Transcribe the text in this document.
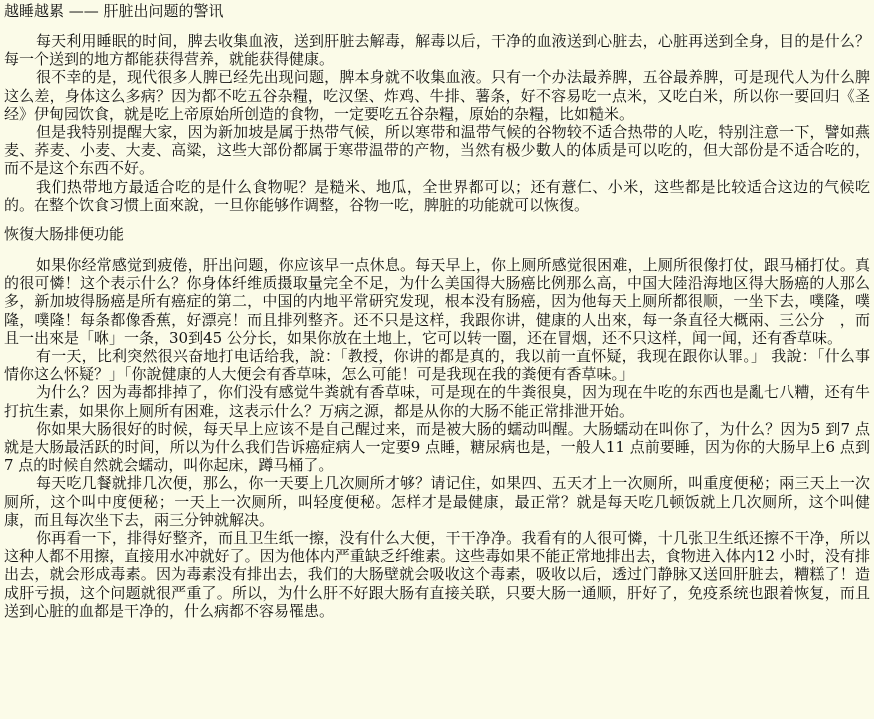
越睡越累 —— 肝脏出问题的警讯

每天利用睡眠的时间，脾去收集血液，送到肝脏去解毒，解毒以后，干净的血液送到心脏去，心脏再送到全身，目的是什么？每一个送到的地方都能获得营养，就能获得健康。

很不幸的是，现代很多人脾已经先出现问题，脾本身就不收集血液。只有一个办法最养脾，五谷最养脾，可是现代人为什么脾这么差，身体这么多病？因为都不吃五谷杂糧，吃汉堡、炸鸡、牛排、薯条，好不容易吃一点米，又吃白米，所以你一要回归《圣经》伊甸园饮食，就是吃上帝原始所创造的食物，一定要吃五谷杂糧，原始的杂糧，比如糙米。

但是我特别提醒大家，因为新加坡是属于热带气候，所以寒带和温带气候的谷物较不适合热带的人吃，特别注意一下，譬如燕麦、荞麦、小麦、大麦、高粱，这些大部份都属于寒带温带的产物，当然有极少數人的体质是可以吃的，但大部份是不适合吃的，而不是这个东西不好。

我们热带地方最适合吃的是什么食物呢？是糙米、地瓜，全世界都可以；还有薏仁、小米，这些都是比较适合这边的气候吃的。在整个饮食习惯上面來說，一旦你能够作调整，谷物一吃，脾脏的功能就可以恢復。

恢復大肠排便功能

如果你经常感觉到疲倦，肝出问题，你应该早一点休息。每天早上，你上厕所感觉很困难，上厕所很像打仗，跟马桶打仗。真的很可憐！这个表示什么？你身体纤维质摄取量完全不足，为什么美国得大肠癌比例那么高，中国大陸沿海地区得大肠癌的人那么多，新加坡得肠癌是所有癌症的第二，中国的内地平常研究发现，根本没有肠癌，因为他每天上厕所都很顺，一坐下去，噗隆，噗隆，噗隆！每条都像香蕉，好漂亮！而且排列整齐。还不只是这样，我跟你讲，健康的人出來，每一条直径大概兩、三公分　，而且一出來是「咻」一条，30到45 公分长，如果你放在土地上，它可以转一圈，还在冒烟，还不只这样，闻一闻，还有香草味。

有一天，比利突然很兴奋地打电话给我，說：「教授，你讲的都是真的，我以前一直怀疑，我现在跟你认罪。」 我說：「什么事情你这么怀疑？」「你說健康的人大便会有香草味，怎么可能！可是我现在我的粪便有香草味。」

为什么？因为毒都排掉了，你们没有感觉牛粪就有香草味，可是现在的牛粪很臭，因为现在牛吃的东西也是亂七八糟，还有牛打抗生素，如果你上厕所有困难，这表示什么？万病之源，都是从你的大肠不能正常排泄开始。

你如果大肠很好的时候，每天早上应该不是自己醒过来，而是被大肠的蠕动叫醒。大肠蠕动在叫你了，为什么？因为5 到7 点就是大肠最活跃的时间，所以为什么我们告诉癌症病人一定要9 点睡，糖尿病也是，一般人11 点前要睡，因为你的大肠早上6 点到7 点的时候自然就会蠕动，叫你起床，蹲马桶了。

每天吃几餐就排几次便，那么，你一天要上几次厕所才够？请记住，如果四、五天才上一次厕所，叫重度便秘；兩三天上一次厕所，这个叫中度便秘；一天上一次厕所，叫轻度便秘。怎样才是最健康，最正常？就是每天吃几顿饭就上几次厕所，这个叫健康，而且每次坐下去，兩三分钟就解决。

你再看一下，排得好整齐，而且卫生纸一擦，没有什么大便，干干净净。我看有的人很可憐，十几张卫生纸还擦不干净，所以这种人都不用擦，直接用水冲就好了。因为他体内严重缺乏纤维素。这些毒如果不能正常地排出去，食物进入体内12 小时，没有排出去，就会形成毒素。因为毒素没有排出去，我们的大肠壁就会吸收这个毒素，吸收以后，透过门静脉又送回肝脏去，糟糕了！造成肝亏损，这个问题就很严重了。所以，为什么肝不好跟大肠有直接关联，只要大肠一通顺，肝好了，免疫系统也跟着恢复，而且送到心脏的血都是干净的，什么病都不容易罹患。
